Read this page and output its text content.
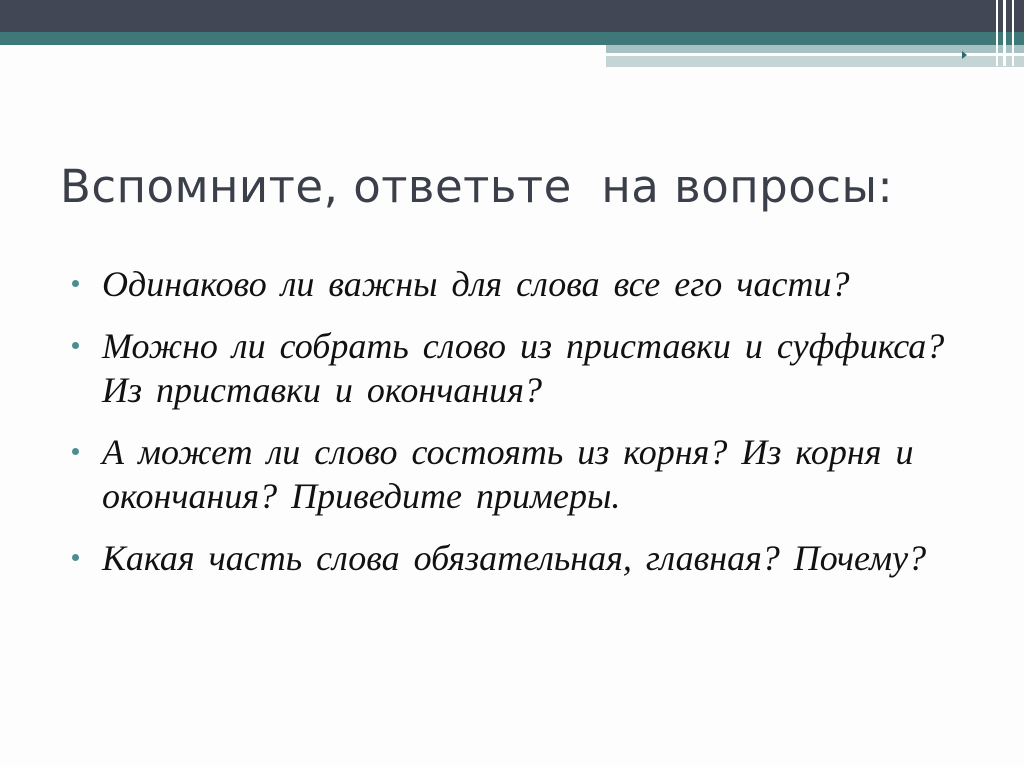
Вспомните, ответьте  на вопросы:
Одинаково ли важны для слова все его части?
Можно ли собрать слово из приставки и суффикса? Из приставки и окончания?
А может ли слово состоять из корня? Из корня и окончания? Приведите примеры.
Какая часть слова обязательная, главная? Почему?
